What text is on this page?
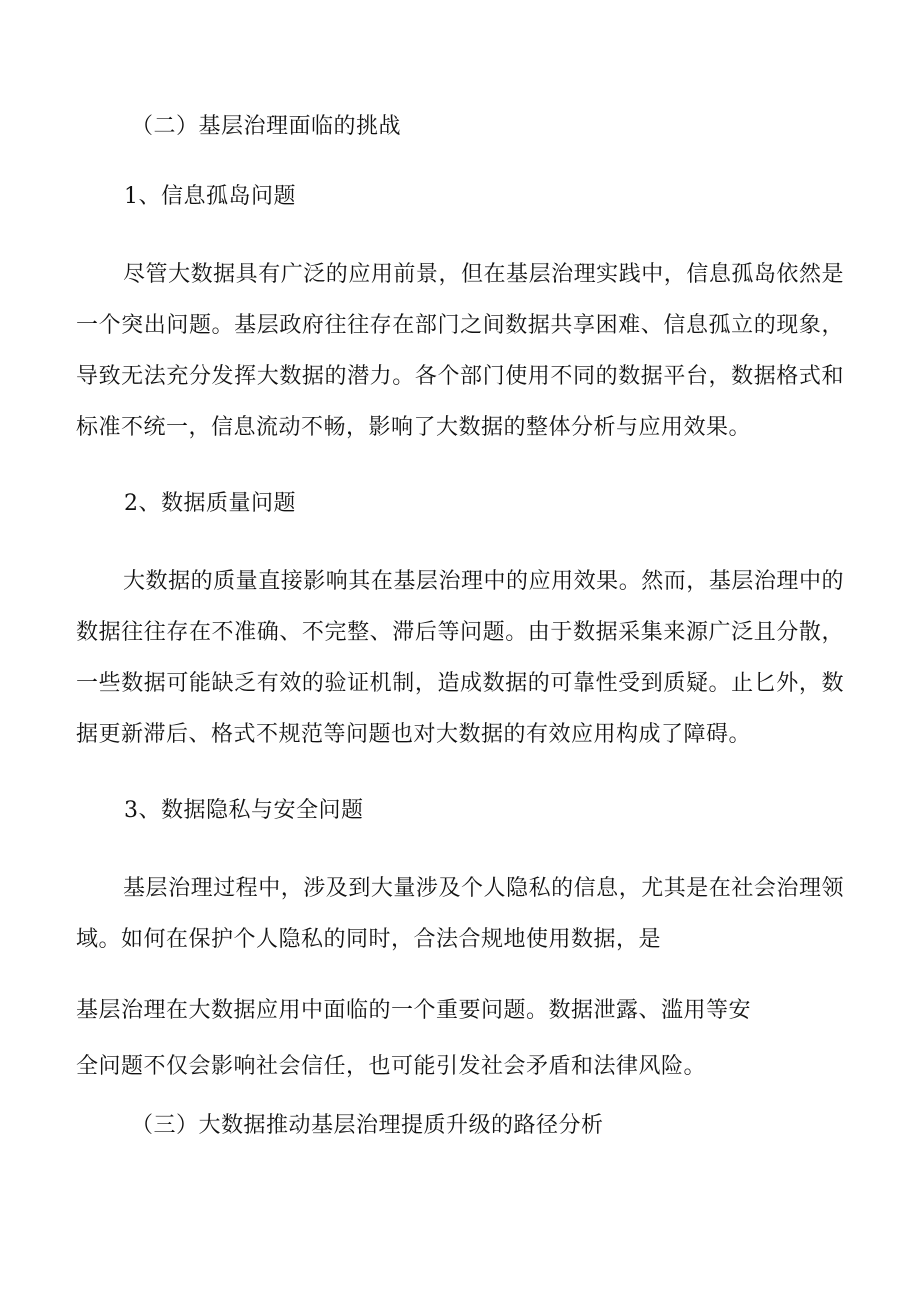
（二）基层治理面临的挑战
1、信息孤岛问题
尽管大数据具有广泛的应用前景，但在基层治理实践中，信息孤岛依然是一个突出问题。基层政府往往存在部门之间数据共享困难、信息孤立的现象，导致无法充分发挥大数据的潜力。各个部门使用不同的数据平台，数据格式和标准不统一，信息流动不畅，影响了大数据的整体分析与应用效果。
2、数据质量问题
大数据的质量直接影响其在基层治理中的应用效果。然而，基层治理中的数据往往存在不准确、不完整、滞后等问题。由于数据采集来源广泛且分散，一些数据可能缺乏有效的验证机制，造成数据的可靠性受到质疑。止匕外，数据更新滞后、格式不规范等问题也对大数据的有效应用构成了障碍。
3、数据隐私与安全问题
基层治理过程中，涉及到大量涉及个人隐私的信息，尤其是在社会治理领域。如何在保护个人隐私的同时，合法合规地使用数据，是
基层治理在大数据应用中面临的一个重要问题。数据泄露、滥用等安
全问题不仅会影响社会信任，也可能引发社会矛盾和法律风险。
（三）大数据推动基层治理提质升级的路径分析
